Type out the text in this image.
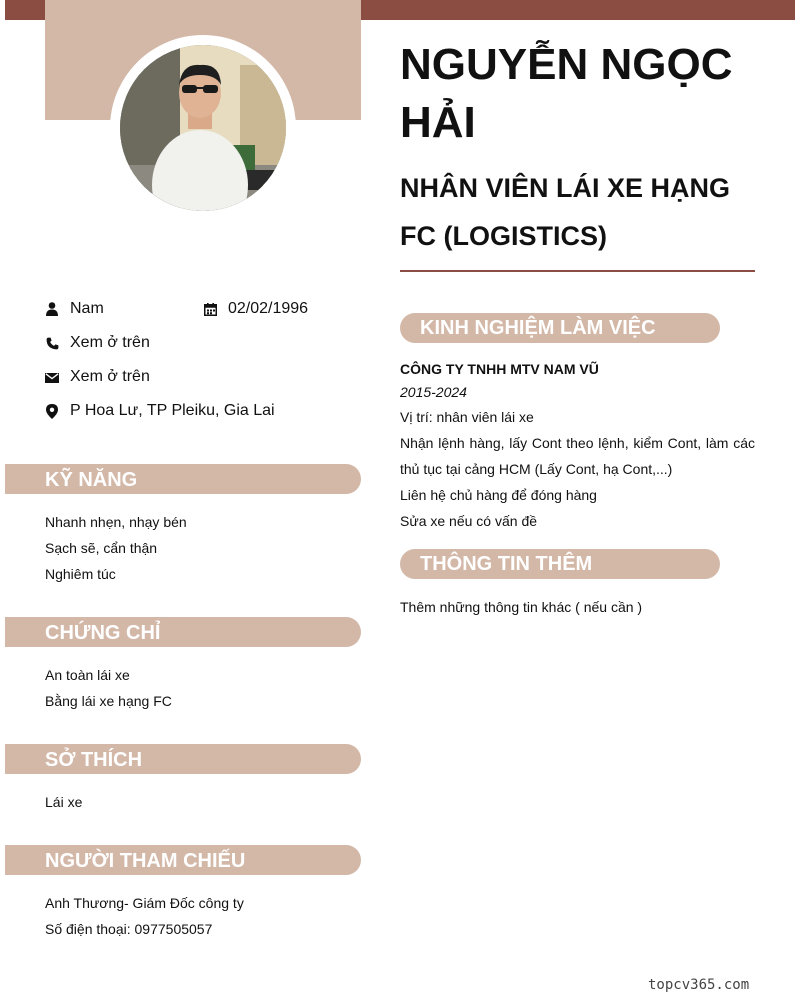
NGUYỄN NGỌC HẢI
NHÂN VIÊN LÁI XE HẠNG FC (LOGISTICS)
Nam	02/02/1996
Xem ở trên
Xem ở trên
P Hoa Lư, TP Pleiku, Gia Lai
KỸ NĂNG
Nhanh nhẹn, nhạy bén
Sạch sẽ, cẩn thận
Nghiêm túc
CHỨNG CHỈ
An toàn lái xe
Bằng lái xe hạng FC
SỞ THÍCH
Lái xe
NGƯỜI THAM CHIẾU
Anh Thương- Giám Đốc công ty
Số điện thoại: 0977505057
KINH NGHIỆM LÀM VIỆC
CÔNG TY TNHH MTV NAM VŨ
2015-2024
Vị trí: nhân viên lái xe
Nhận lệnh hàng, lấy Cont theo lệnh, kiểm Cont, làm các
thủ tục tại cảng HCM (Lấy Cont, hạ Cont,...)
Liên hệ chủ hàng để đóng hàng
Sửa xe nếu có vấn đề
THÔNG TIN THÊM
Thêm những thông tin khác ( nếu cần )
topcv365.com
